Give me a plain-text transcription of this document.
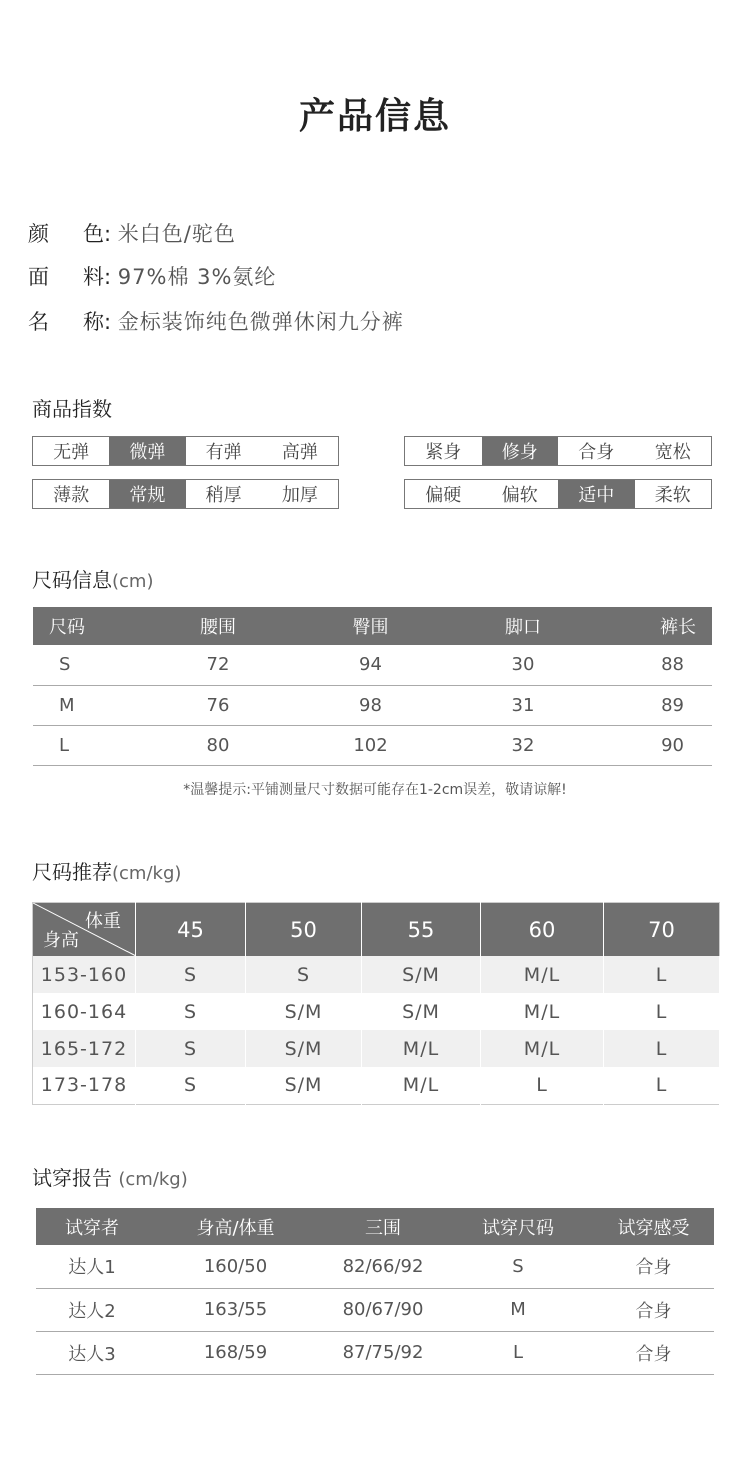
产品信息
颜 色: 米白色/驼色
面 料: 97%棉 3%氨纶
名 称: 金标装饰纯色微弹休闲九分裤
商品指数
无弹	微弹	有弹	高弹	紧身	修身	合身	宽松
薄款	常规	稍厚	加厚	偏硬	偏软	适中	柔软
尺码信息(cm)
尺码	腰围	臀围	脚口	裤长
S	72	94	30	88
M	76	98	31	89
L	80	102	32	90
*温馨提示:平铺测量尺寸数据可能存在1-2cm误差，敬请谅解!
尺码推荐(cm/kg)
体重
身高	45	50	55	60	70
153-160	S	S	S/M	M/L	L
160-164	S	S/M	S/M	M/L	L
165-172	S	S/M	M/L	M/L	L
173-178	S	S/M	M/L	L	L
试穿报告 (cm/kg)
试穿者	身高/体重	三围	试穿尺码	试穿感受
达人1	160/50	82/66/92	S	合身
达人2	163/55	80/67/90	M	合身
达人3	168/59	87/75/92	L	合身
